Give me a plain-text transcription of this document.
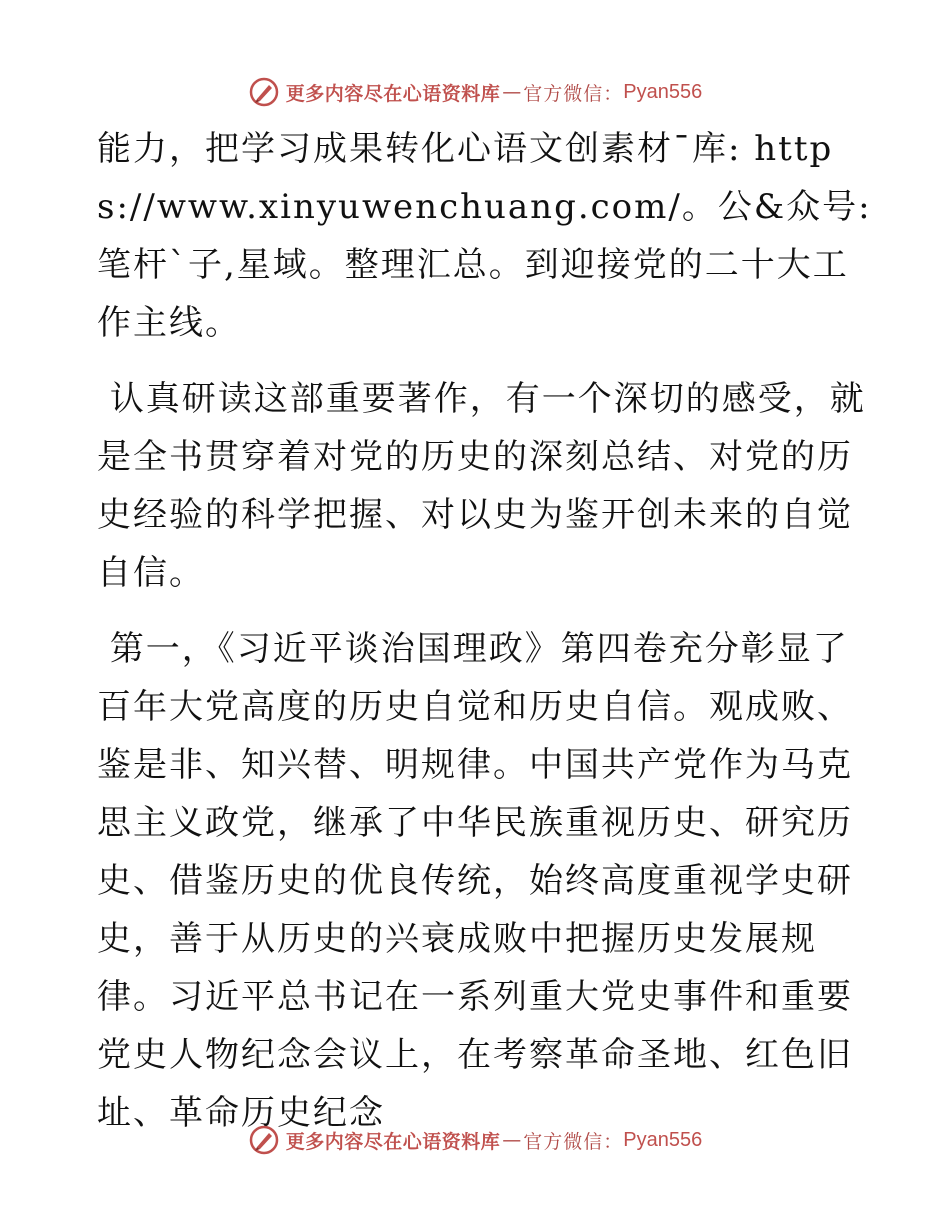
更多内容尽在心语资料库 — 官方微信： Pyan556

能力，把学习成果转化心语文创素材¯库: https://www.xinyuwenchuang.com/。公&众号: 笔杆`子,星域。整理汇总。到迎接党的二十大工作主线。

认真研读这部重要著作，有一个深切的感受，就是全书贯穿着对党的历史的深刻总结、对党的历史经验的科学把握、对以史为鉴开创未来的自觉自信。

第一，《习近平谈治国理政》第四卷充分彰显了百年大党高度的历史自觉和历史自信。观成败、鉴是非、知兴替、明规律。中国共产党作为马克思主义政党，继承了中华民族重视历史、研究历史、借鉴历史的优良传统，始终高度重视学史研史，善于从历史的兴衰成败中把握历史发展规律。习近平总书记在一系列重大党史事件和重要党史人物纪念会议上，在考察革命圣地、红色旧址、革命历史纪念

更多内容尽在心语资料库 — 官方微信： Pyan556
